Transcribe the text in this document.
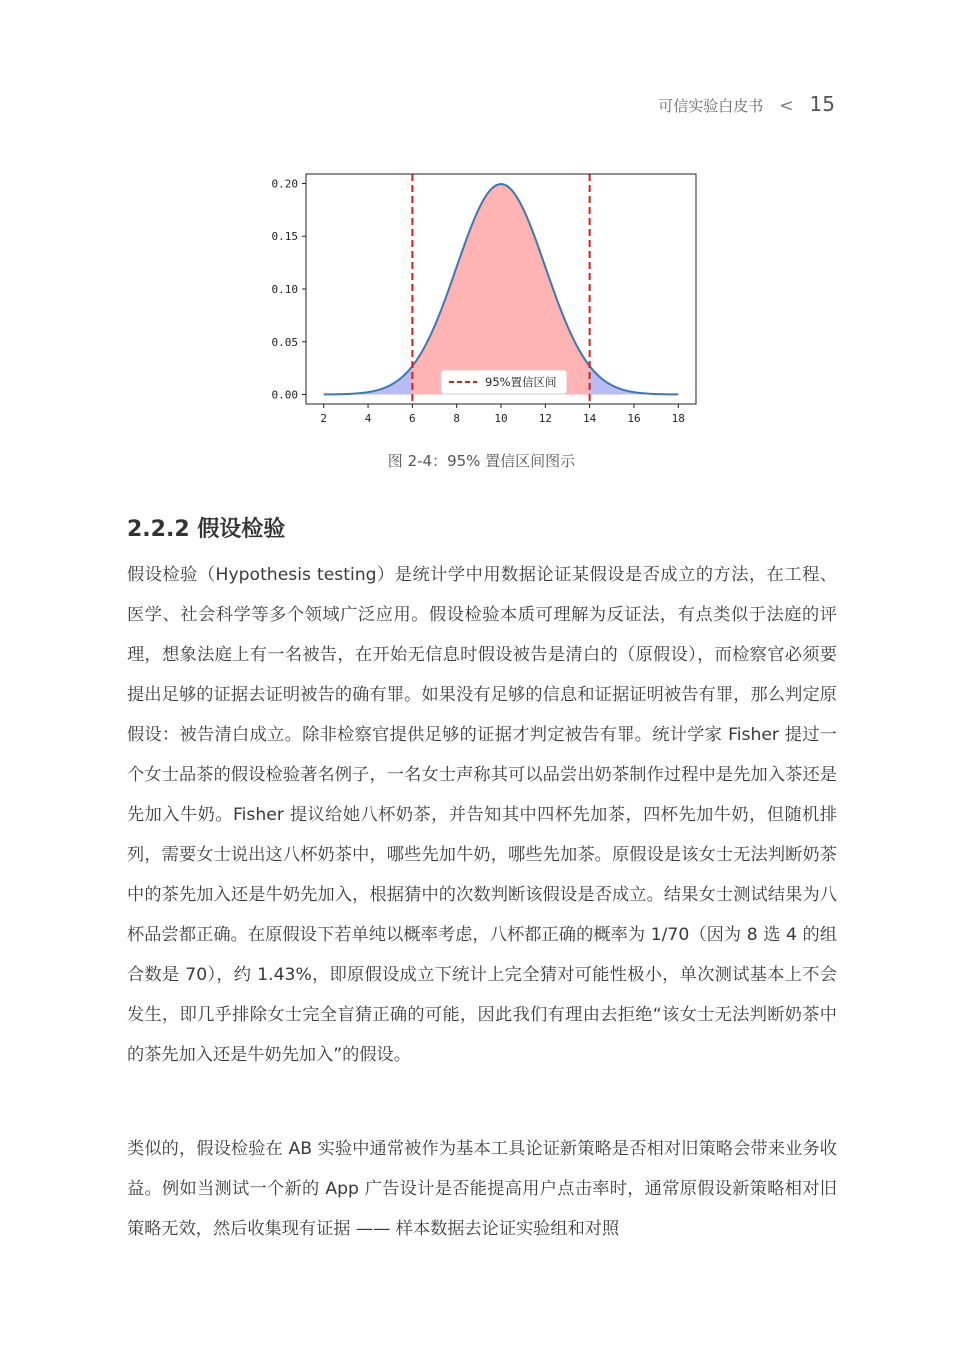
可信实验白皮书 < 15
2	4	6	8	10	12	14	16	18
0.00
0.05
0.10
0.15
0.20
95%置信区间
图 2-4：95% 置信区间图示
2.2.2 假设检验

假设检验（Hypothesis testing）是统计学中用数据论证某假设是否成立的方法，在工程、医学、社会科学等多个领域广泛应用。假设检验本质可理解为反证法，有点类似于法庭的评理，想象法庭上有一名被告，在开始无信息时假设被告是清白的（原假设），而检察官必须要提出足够的证据去证明被告的确有罪。如果没有足够的信息和证据证明被告有罪，那么判定原假设：被告清白成立。除非检察官提供足够的证据才判定被告有罪。统计学家 Fisher 提过一个女士品茶的假设检验著名例子，一名女士声称其可以品尝出奶茶制作过程中是先加入茶还是先加入牛奶。Fisher 提议给她八杯奶茶，并告知其中四杯先加茶，四杯先加牛奶，但随机排列，需要女士说出这八杯奶茶中，哪些先加牛奶，哪些先加茶。原假设是该女士无法判断奶茶中的茶先加入还是牛奶先加入，根据猜中的次数判断该假设是否成立。结果女士测试结果为八杯品尝都正确。在原假设下若单纯以概率考虑，八杯都正确的概率为 1/70（因为 8 选 4 的组合数是 70），约 1.43%，即原假设成立下统计上完全猜对可能性极小，单次测试基本上不会发生，即几乎排除女士完全盲猜正确的可能，因此我们有理由去拒绝“该女士无法判断奶茶中的茶先加入还是牛奶先加入”的假设。

类似的，假设检验在 AB 实验中通常被作为基本工具论证新策略是否相对旧策略会带来业务收益。例如当测试一个新的 App 广告设计是否能提高用户点击率时，通常原假设新策略相对旧策略无效，然后收集现有证据 —— 样本数据去论证实验组和对照
